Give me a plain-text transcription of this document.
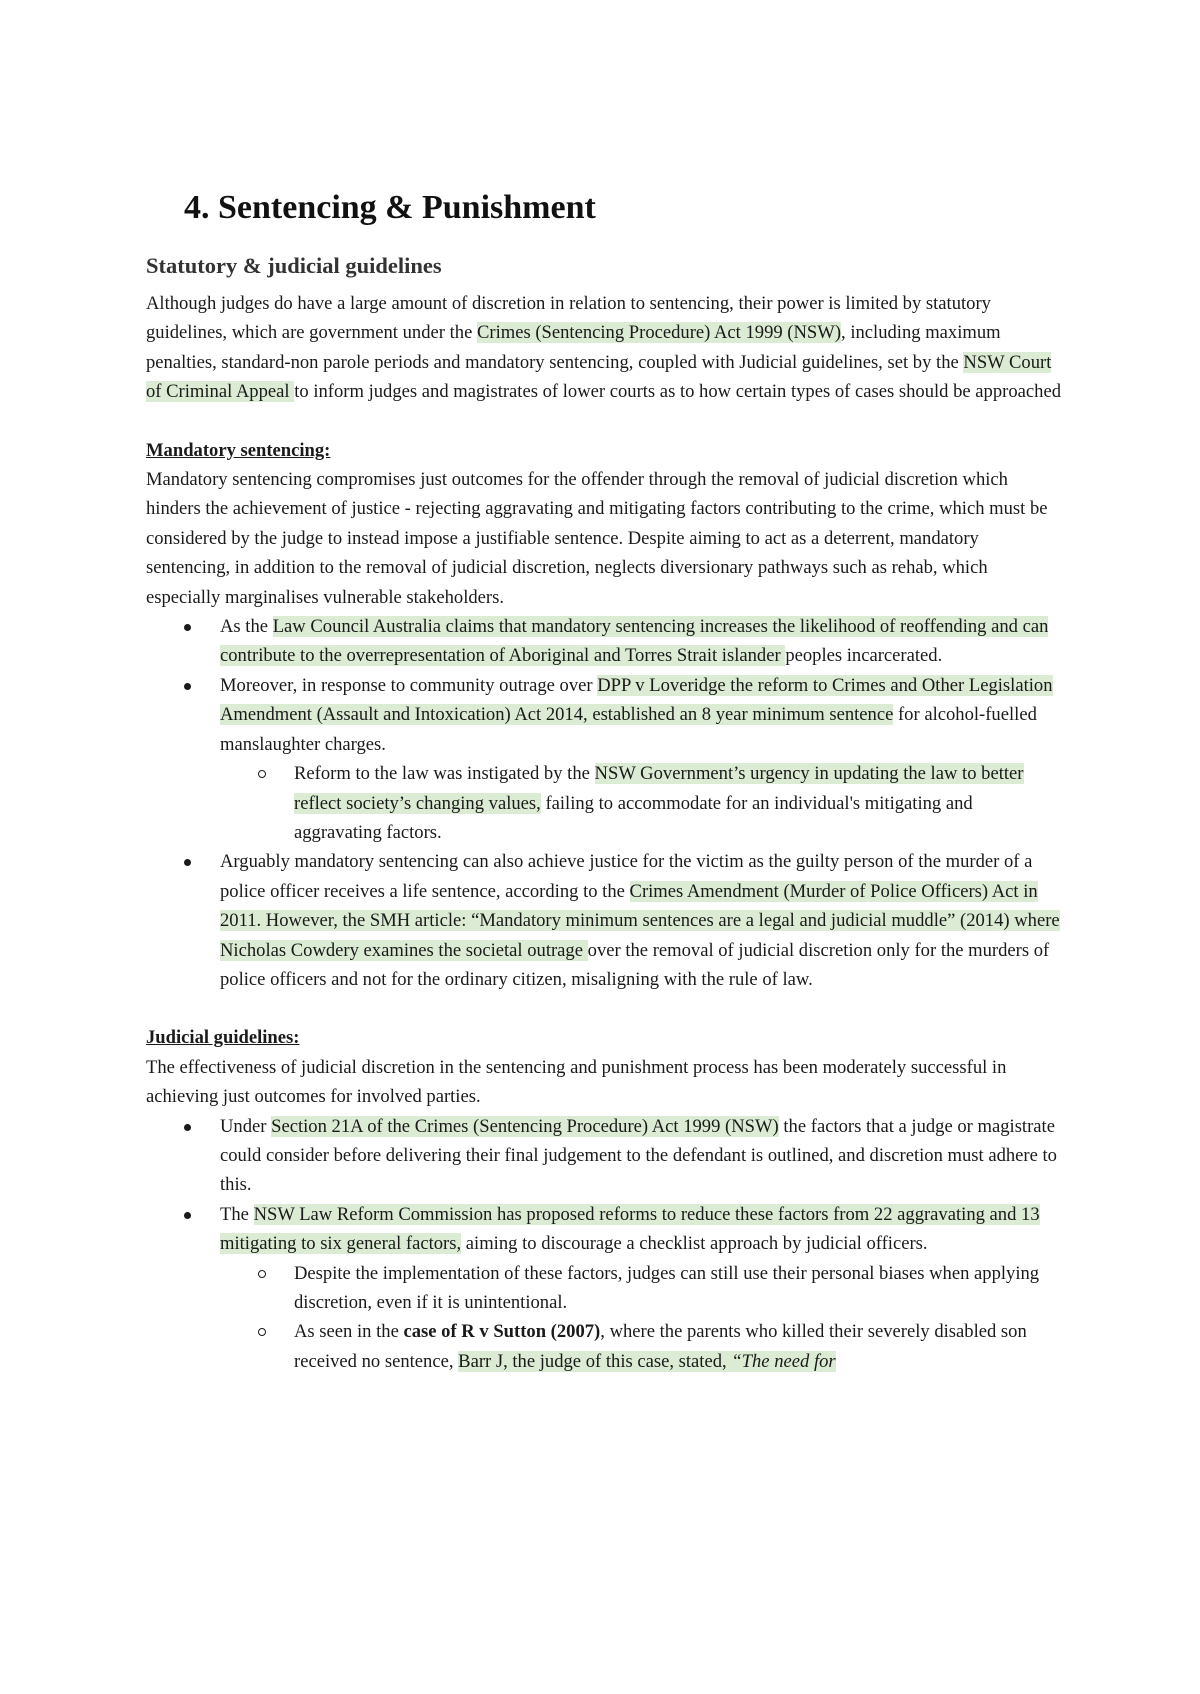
4. Sentencing & Punishment
Statutory & judicial guidelines

Although judges do have a large amount of discretion in relation to sentencing, their power is limited by statutory guidelines, which are government under the Crimes (Sentencing Procedure) Act 1999 (NSW), including maximum penalties, standard-non parole periods and mandatory sentencing, coupled with Judicial guidelines, set by the NSW Court of Criminal Appeal to inform judges and magistrates of lower courts as to how certain types of cases should be approached

Mandatory sentencing:

Mandatory sentencing compromises just outcomes for the offender through the removal of judicial discretion which hinders the achievement of justice - rejecting aggravating and mitigating factors contributing to the crime, which must be considered by the judge to instead impose a justifiable sentence. Despite aiming to act as a deterrent, mandatory sentencing, in addition to the removal of judicial discretion, neglects diversionary pathways such as rehab, which especially marginalises vulnerable stakeholders.

As the Law Council Australia claims that mandatory sentencing increases the likelihood of reoffending and can contribute to the overrepresentation of Aboriginal and Torres Strait islander peoples incarcerated.
Moreover, in response to community outrage over DPP v Loveridge the reform to Crimes and Other Legislation Amendment (Assault and Intoxication) Act 2014, established an 8 year minimum sentence for alcohol-fuelled manslaughter charges.
Reform to the law was instigated by the NSW Government’s urgency in updating the law to better reflect society’s changing values, failing to accommodate for an individual's mitigating and aggravating factors.
Arguably mandatory sentencing can also achieve justice for the victim as the guilty person of the murder of a police officer receives a life sentence, according to the Crimes Amendment (Murder of Police Officers) Act in 2011. However, the SMH article: “Mandatory minimum sentences are a legal and judicial muddle” (2014) where Nicholas Cowdery examines the societal outrage over the removal of judicial discretion only for the murders of police officers and not for the ordinary citizen, misaligning with the rule of law.
Judicial guidelines:

The effectiveness of judicial discretion in the sentencing and punishment process has been moderately successful in achieving just outcomes for involved parties.

Under Section 21A of the Crimes (Sentencing Procedure) Act 1999 (NSW) the factors that a judge or magistrate could consider before delivering their final judgement to the defendant is outlined, and discretion must adhere to this.
The NSW Law Reform Commission has proposed reforms to reduce these factors from 22 aggravating and 13 mitigating to six general factors, aiming to discourage a checklist approach by judicial officers.
Despite the implementation of these factors, judges can still use their personal biases when applying discretion, even if it is unintentional.
As seen in the case of R v Sutton (2007), where the parents who killed their severely disabled son received no sentence, Barr J, the judge of this case, stated, “The need for
